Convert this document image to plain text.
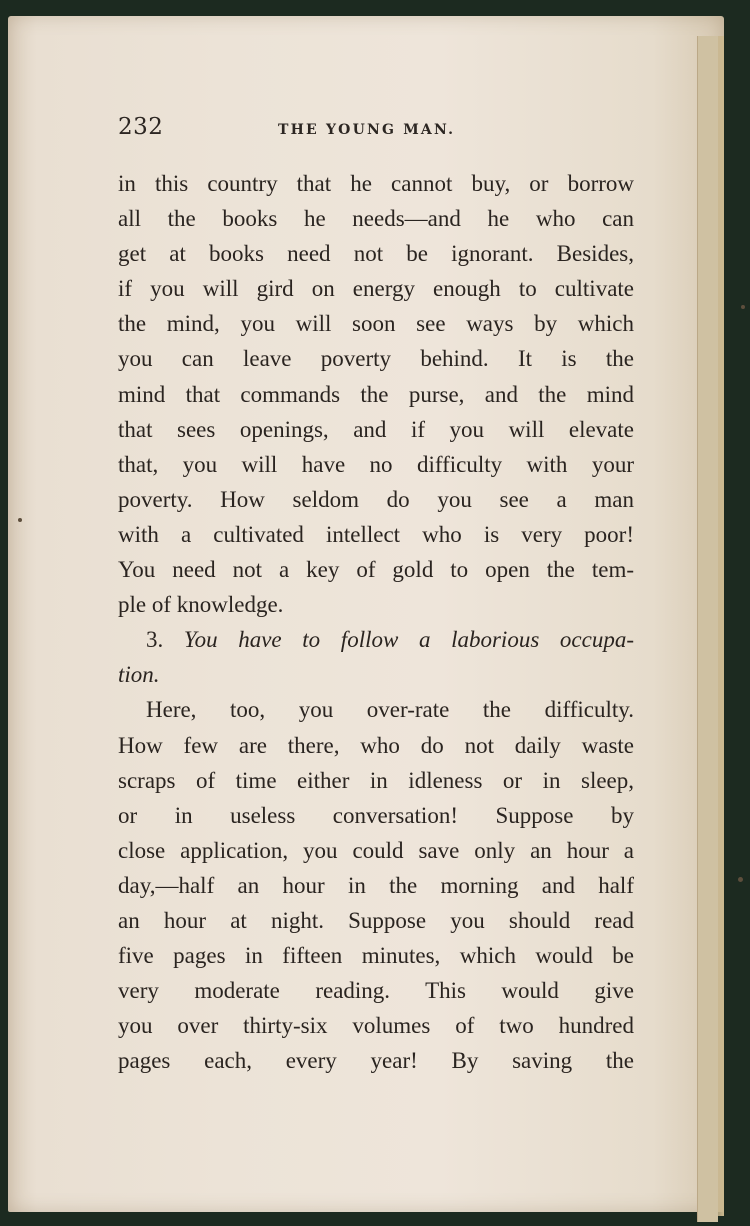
232	THE YOUNG MAN.
in this country that he cannot buy, or borrow
all the books he needs—and he who can
get at books need not be ignorant. Besides,
if you will gird on energy enough to cultivate
the mind, you will soon see ways by which
you can leave poverty behind. It is the
mind that commands the purse, and the mind
that sees openings, and if you will elevate
that, you will have no difficulty with your
poverty. How seldom do you see a man
with a cultivated intellect who is very poor!
You need not a key of gold to open the tem-
ple of knowledge.
3. You have to follow a laborious occupa-
tion.
Here, too, you over-rate the difficulty.
How few are there, who do not daily waste
scraps of time either in idleness or in sleep,
or in useless conversation! Suppose by
close application, you could save only an hour a
day,—half an hour in the morning and half
an hour at night. Suppose you should read
five pages in fifteen minutes, which would be
very moderate reading. This would give
you over thirty-six volumes of two hundred
pages each, every year! By saving the
